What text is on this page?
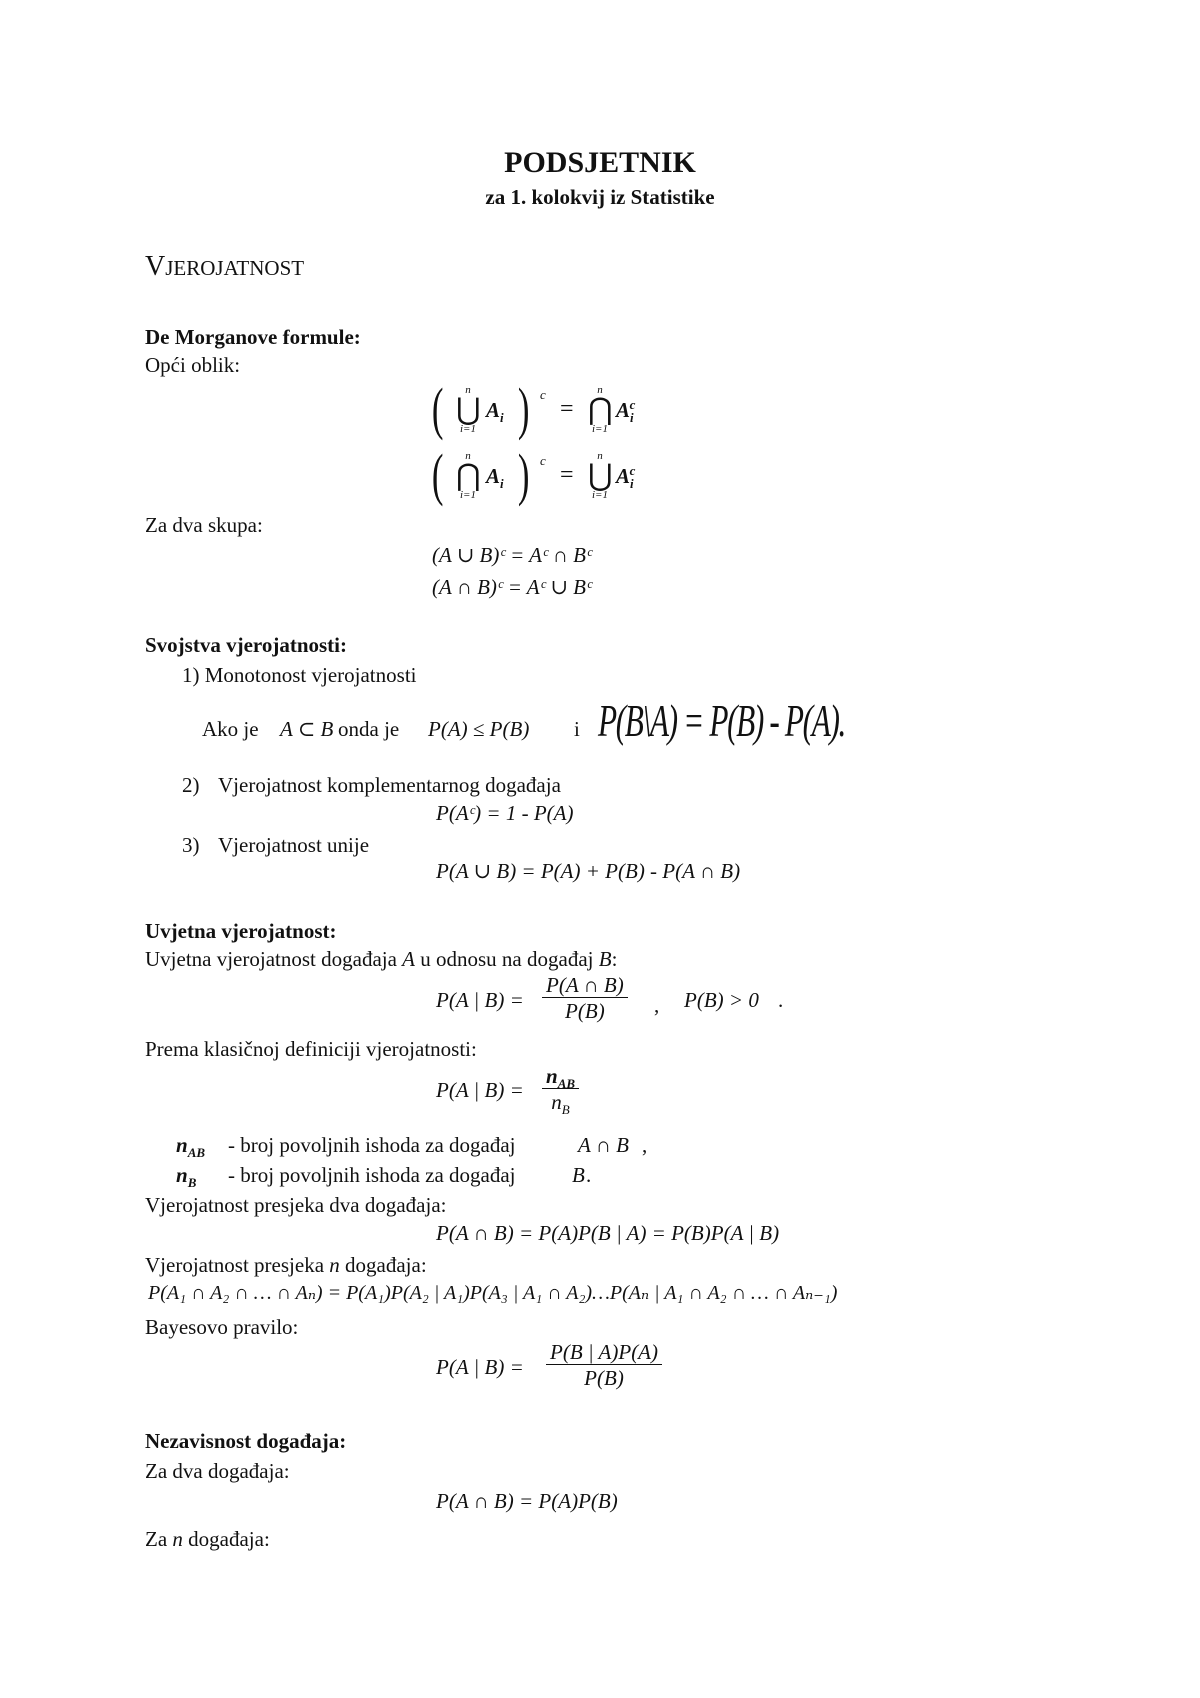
PODSJETNIK
za 1. kolokvij iz Statistike
VJEROJATNOST
De Morganove formule:
Opći oblik:
(	n
⋃
i=1
$A_i$ ) c
=
n
⋂
i=1
$A_i^c$
(	n
⋂
i=1
$A_i$ ) c
=
n
⋃
i=1
$A_i^c$
Za dva skupa:
(A ∪ B)ᶜ = Aᶜ ∩ Bᶜ
(A ∩ B)ᶜ = Aᶜ ∪ Bᶜ
Svojstva vjerojatnosti:
1) Monotonost vjerojatnosti
Ako je A ⊂ B onda je P(A) ≤ P(B) i P(B\A) = P(B) - P(A).
2) Vjerojatnost komplementarnog događaja
P(Aᶜ) = 1 - P(A)
3) Vjerojatnost unije
P(A ∪ B) = P(A) + P(B) - P(A ∩ B)
Uvjetna vjerojatnost:
Uvjetna vjerojatnost događaja A u odnosu na događaj B:
P(A | $B) = \frac{P(A \cap B)}{P(B)}$ , P(B) > 0 .
Prema klasičnoj definiciji vjerojatnosti:
P(A | B) =
$n_{AB}$
$n_B$
$n_{AB}$ - broj povoljnih ishoda za događaj	A ∩ B ,
$n_B$ - broj povoljnih ishoda za događaj	B .
Vjerojatnost presjeka dva događaja:
P(A ∩ B) = P(A)P(B | A) = P(B)P(A | B)
Vjerojatnost presjeka n događaja:
P(A₁ ∩ A₂ ∩ … ∩ Aₙ) = P(A₁)P(A₂ | A₁)P(A₃ | A₁ ∩ A₂)…P(Aₙ | A₁ ∩ A₂ ∩ … ∩ Aₙ₋₁)
Bayesovo pravilo:
P(A | $B) = \frac{P(B | A)P(A)}{P(B)}$
Nezavisnost događaja:
Za dva događaja:
P(A ∩ B) = P(A)P(B)
Za n događaja:
